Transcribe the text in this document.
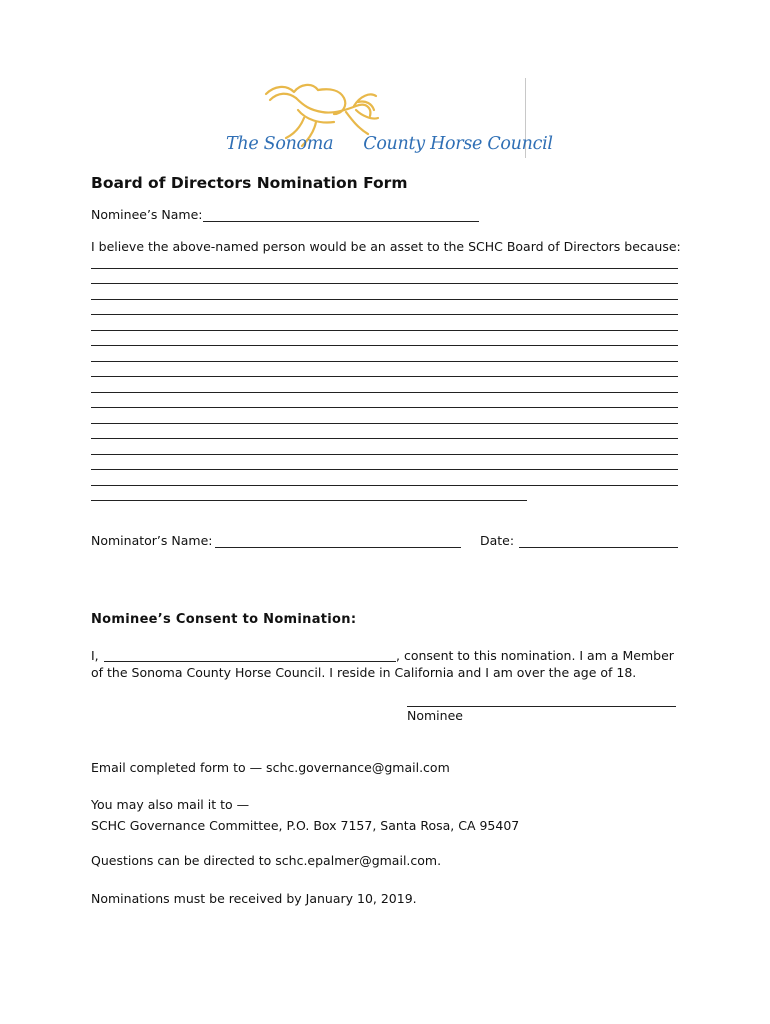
The Sonoma County Horse Council
Board of Directors Nomination Form
Nominee’s Name:
I believe the above-named person would be an asset to the SCHC Board of Directors because:
Nominator’s Name:	Date:
Nominee’s Consent to Nomination:
I,	, consent to this nomination. I am a Member
of the Sonoma County Horse Council. I reside in California and I am over the age of 18.
Nominee
Email completed form to — schc.governance@gmail.com
You may also mail it to —
SCHC Governance Committee, P.O. Box 7157, Santa Rosa, CA 95407
Questions can be directed to schc.epalmer@gmail.com.
Nominations must be received by January 10, 2019.
